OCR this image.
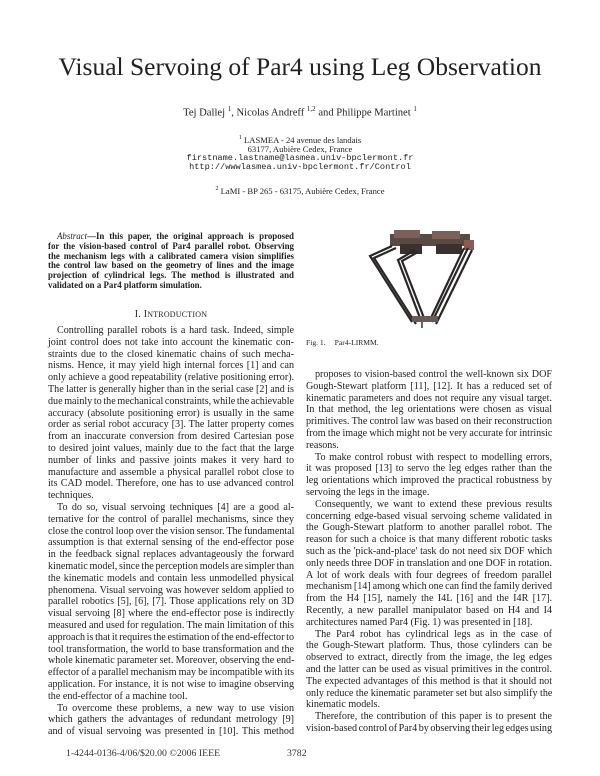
Visual Servoing of Par4 using Leg Observation
Tej Dallej $^1$, Nicolas Andreff $^{1,2}$ and Philippe Martinet $^1$
$^1$ LASMEA - 24 avenue des landais
63177, Aubière Cedex, France
firstname.lastname@lasmea.univ-bpclermont.fr
http://wwwlasmea.univ-bpclermont.fr/Control
$^2$ LaMI - BP 265 - 63175, Aubière Cedex, France
Abstract—In this paper, the original approach is proposed
for the vision-based control of Par4 parallel robot. Observing
the mechanism legs with a calibrated camera vision simplifies
the control law based on the geometry of lines and the image
projection of cylindrical legs. The method is illustrated and
validated on a Par4 platform simulation.
I. INTRODUCTION
Controlling parallel robots is a hard task. Indeed, simple
joint control does not take into account the kinematic con-
straints due to the closed kinematic chains of such mecha-
nisms. Hence, it may yield high internal forces [1] and can
only achieve a good repeatability (relative positioning error).
The latter is generally higher than in the serial case [2] and is
due mainly to the mechanical constraints, while the achievable
accuracy (absolute positioning error) is usually in the same
order as serial robot accuracy [3]. The latter property comes
from an inaccurate conversion from desired Cartesian pose
to desired joint values, mainly due to the fact that the large
number of links and passive joints makes it very hard to
manufacture and assemble a physical parallel robot close to
its CAD model. Therefore, one has to use advanced control
techniques.
To do so, visual servoing techniques [4] are a good al-
ternative for the control of parallel mechanisms, since they
close the control loop over the vision sensor. The fundamental
assumption is that external sensing of the end-effector pose
in the feedback signal replaces advantageously the forward
kinematic model, since the perception models are simpler than
the kinematic models and contain less unmodelled physical
phenomena. Visual servoing was however seldom applied to
parallel robotics [5], [6], [7]. Those applications rely on 3D
visual servoing [8] where the end-effector pose is indirectly
measured and used for regulation. The main limitation of this
approach is that it requires the estimation of the end-effector to
tool transformation, the world to base transformation and the
whole kinematic parameter set. Moreover, observing the end-
effector of a parallel mechanism may be incompatible with its
application. For instance, it is not wise to imagine observing
the end-effector of a machine tool.
To overcome these problems, a new way to use vision
which gathers the advantages of redundant metrology [9]
and of visual servoing was presented in [10]. This method
proposes to vision-based control the well-known six DOF
Gough-Stewart platform [11], [12]. It has a reduced set of
kinematic parameters and does not require any visual target.
In that method, the leg orientations were chosen as visual
primitives. The control law was based on their reconstruction
from the image which might not be very accurate for intrinsic
reasons.
To make control robust with respect to modelling errors,
it was proposed [13] to servo the leg edges rather than the
leg orientations which improved the practical robustness by
servoing the legs in the image.
Consequently, we want to extend these previous results
concerning edge-based visual servoing scheme validated in
the Gough-Stewart platform to another parallel robot. The
reason for such a choice is that many different robotic tasks
such as the 'pick-and-place' task do not need six DOF which
only needs three DOF in translation and one DOF in rotation.
A lot of work deals with four degrees of freedom parallel
mechanism [14] among which one can find the family derived
from the H4 [15], namely the I4L [16] and the I4R [17].
Recently, a new parallel manipulator based on H4 and I4
architectures named Par4 (Fig. 1) was presented in [18].
The Par4 robot has cylindrical legs as in the case of
the Gough-Stewart platform. Thus, those cylinders can be
observed to extract, directly from the image, the leg edges
and the latter can be used as visual primitives in the control.
The expected advantages of this method is that it should not
only reduce the kinematic parameter set but also simplify the
kinematic models.
Therefore, the contribution of this paper is to present the
vision-based control of Par4 by observing their leg edges using
Fig. 1. Par4-LIRMM.
1-4244-0136-4/06/$20.00 ©2006 IEEE	3782
